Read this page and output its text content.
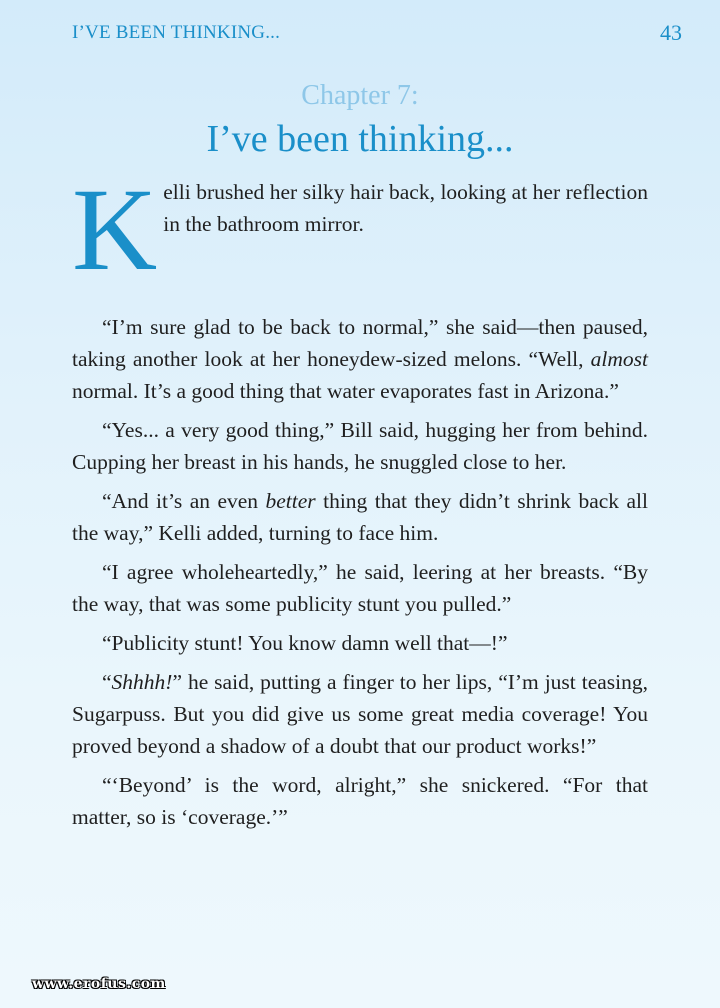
I’VE BEEN THINKING...	43
Chapter 7:
I’ve been thinking...

Kelli brushed her silky hair back, looking at her reflection in the bathroom mirror.

“I’m sure glad to be back to normal,” she said—then paused, taking another look at her honeydew-sized melons. “Well, almost normal. It’s a good thing that water evaporates fast in Arizona.”

“Yes... a very good thing,” Bill said, hugging her from behind. Cupping her breast in his hands, he snuggled close to her.

“And it’s an even better thing that they didn’t shrink back all the way,” Kelli added, turning to face him.

“I agree wholeheartedly,” he said, leering at her breasts. “By the way, that was some publicity stunt you pulled.”

“Publicity stunt! You know damn well that—!”

“Shhhh!” he said, putting a finger to her lips, “I’m just teasing, Sugarpuss. But you did give us some great media coverage! You proved beyond a shadow of a doubt that our product works!”

“‘Beyond’ is the word, alright,” she snickered. “For that matter, so is ‘coverage.’”

www.erofus.com
